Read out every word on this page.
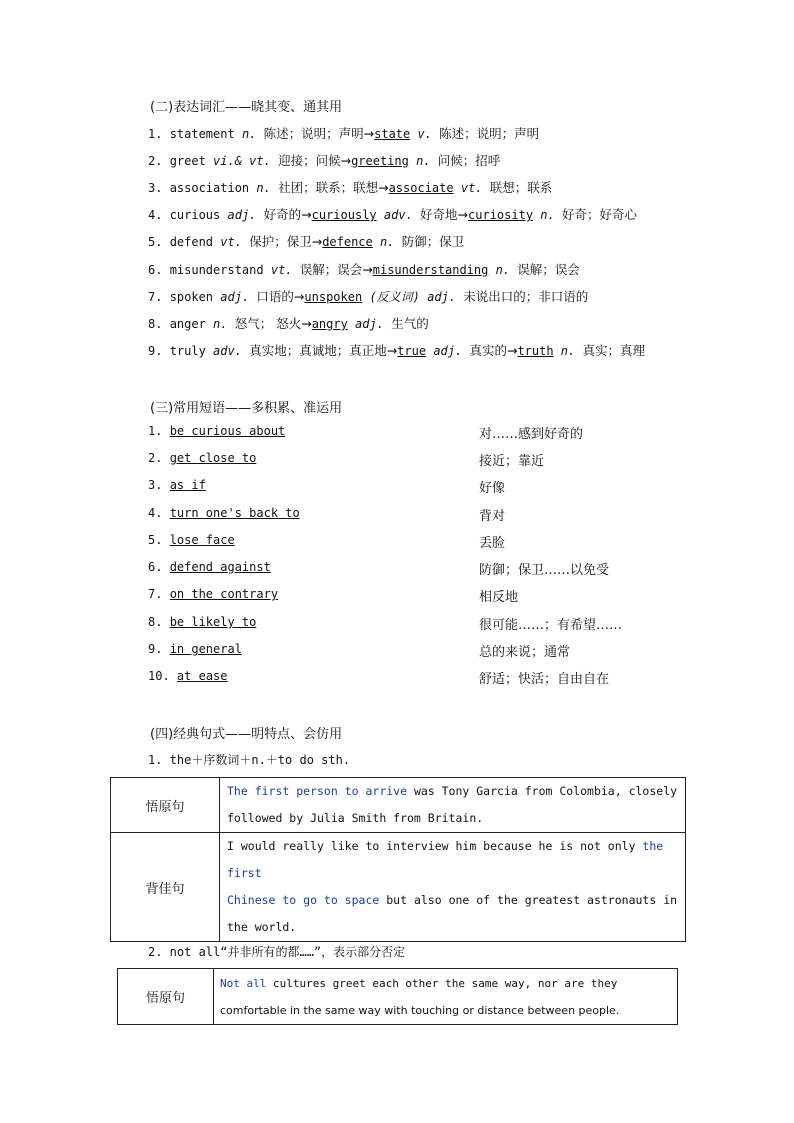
(二)表达词汇——晓其变、通其用
1. statement n. 陈述；说明；声明→state v. 陈述；说明；声明
2. greet vi.& vt. 迎接；问候→greeting n. 问候；招呼
3. association n. 社团；联系；联想→associate vt. 联想；联系
4. curious adj. 好奇的→curiously adv. 好奇地→curiosity n. 好奇；好奇心
5. defend vt. 保护；保卫→defence n. 防御；保卫
6. misunderstand vt. 误解；误会→misunderstanding n. 误解；误会
7. spoken adj. 口语的→unspoken (反义词) adj. 未说出口的；非口语的
8. anger n. 怒气； 怒火→angry adj. 生气的
9. truly adv. 真实地；真诚地；真正地→true adj. 真实的→truth n. 真实；真理
(三)常用短语——多积累、准运用
1. be curious about	对……感到好奇的
2. get close to	接近；靠近
3. as if	好像
4. turn one's back to	背对
5. lose face	丢脸
6. defend against	防御；保卫……以免受
7. on the contrary	相反地
8. be likely to	很可能……；有希望……
9. in general	总的来说；通常
10. at ease	舒适；快活；自由自在
(四)经典句式——明特点、会仿用
1. the＋序数词＋n.＋to do sth.
悟原句	The first person to arrive was Tony Garcia from Colombia, closely
followed by Julia Smith from Britain.
背佳句	I would really like to interview him because he is not only the first
Chinese to go to space but also one of the greatest astronauts in
the world.
2. not all“并非所有的都……”，表示部分否定
悟原句	Not all cultures greet each other the same way, nor are they
comfortable in the same way with touching or distance between people.
